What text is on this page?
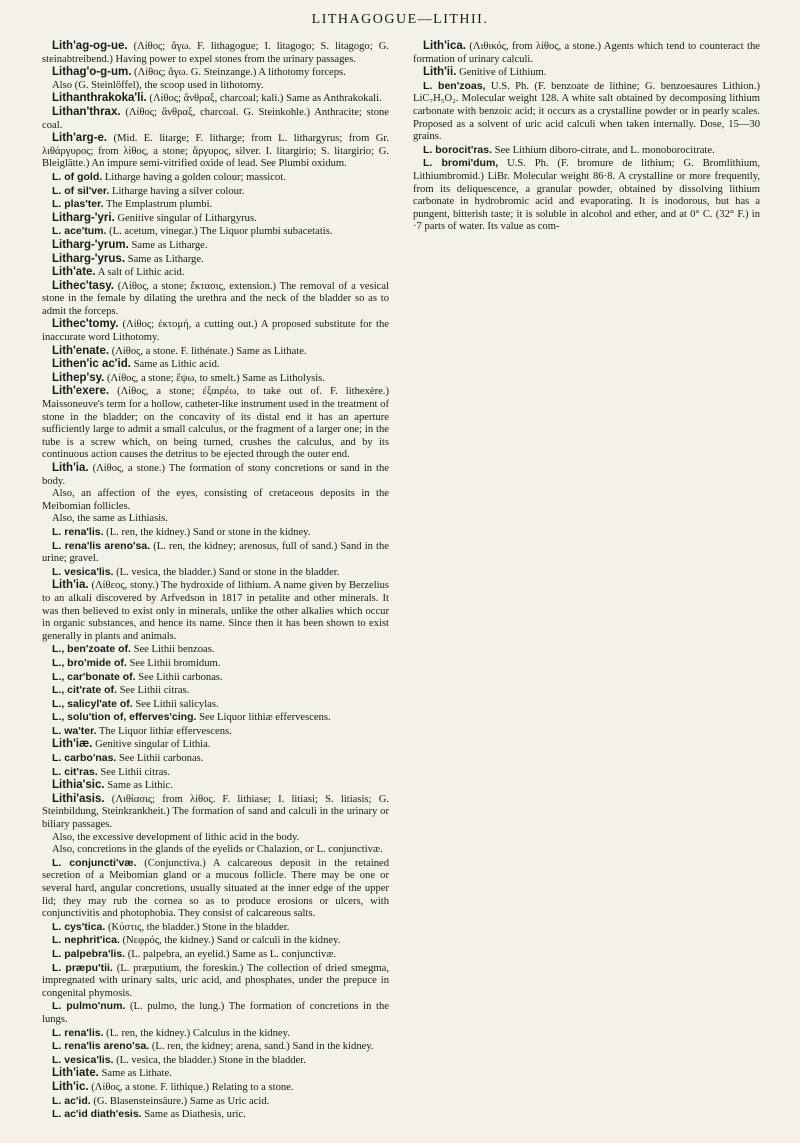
LITHAGOGUE—LITHII.

Lith'ag-og-ue. (Λίθος; ἄγω. F. lithagogue; I. litagogo; S. litagogo; G. steinabtreibend.) Having power to expel stones from the urinary passages.

Lithag'o-g-um. (Λίθος; ἄγω. G. Steinzange.) A lithotomy forceps.

Also (G. Steinlöffel), the scoop used in lithotomy.

Lithanthrakoka'li. (Λίθος; ἄνθραξ, charcoal; kali.) Same as Anthrakokali.

Lithan'thrax. (Λίθος; ἄνθραξ, charcoal. G. Steinkohle.) Anthracite; stone coal.

Lith'arg-e. (Mid. E. litarge; F. litharge; from L. lithargyrus; from Gr. λιθάργυρος; from λίθος, a stone; ἄργυρος, silver. I. litargirio; S. litargirio; G. Bleiglätte.) An impure semi-vitrified oxide of lead. See Plumbi oxidum.

L. of gold. Litharge having a golden colour; massicot.

L. of sil'ver. Litharge having a silver colour.

L. plas'ter. The Emplastrum plumbi.

Litharg-'yri. Genitive singular of Lithargyrus.

L. ace'tum. (L. acetum, vinegar.) The Liquor plumbi subacetatis.

Litharg-'yrum. Same as Litharge.

Litharg-'yrus. Same as Litharge.

Lith'ate. A salt of Lithic acid.

Lithec'tasy. (Λίθος, a stone; ἔκτασις, extension.) The removal of a vesical stone in the female by dilating the urethra and the neck of the bladder so as to admit the forceps.

Lithec'tomy. (Λίθος; ἐκτομή, a cutting out.) A proposed substitute for the inaccurate word Lithotomy.

Lith'enate. (Λίθος, a stone. F. lithénate.) Same as Lithate.

Lithen'ic ac'id. Same as Lithic acid.

Lithep'sy. (Λίθος, a stone; ἕψω, to smelt.) Same as Litholysis.

Lith'exere. (Λίθος, a stone; ἐξαιρέω, to take out of. F. lithexère.) Maissoneuve's term for a hollow, catheter-like instrument used in the treatment of stone in the bladder; on the concavity of its distal end it has an aperture sufficiently large to admit a small calculus, or the fragment of a larger one; in the tube is a screw which, on being turned, crushes the calculus, and by its continuous action causes the detritus to be ejected through the outer end.

Lith'ia. (Λίθος, a stone.) The formation of stony concretions or sand in the body.

Also, an affection of the eyes, consisting of cretaceous deposits in the Meibomian follicles.

Also, the same as Lithiasis.

L. rena'lis. (L. ren, the kidney.) Sand or stone in the kidney.

L. rena'lis areno'sa. (L. ren, the kidney; arenosus, full of sand.) Sand in the urine; gravel.

L. vesica'lis. (L. vesica, the bladder.) Sand or stone in the bladder.

Lith'ia. (Λίθεος, stony.) The hydroxide of lithium. A name given by Berzelius to an alkali discovered by Arfvedson in 1817 in petalite and other minerals. It was then believed to exist only in minerals, unlike the other alkalies which occur in organic substances, and hence its name. Since then it has been shown to exist generally in plants and animals.

L., ben'zoate of. See Lithii benzoas.

L., bro'mide of. See Lithii bromidum.

L., car'bonate of. See Lithii carbonas.

L., cit'rate of. See Lithii citras.

L., salicyl'ate of. See Lithii salicylas.

L., solu'tion of, efferves'cing. See Liquor lithiæ effervescens.

L. wa'ter. The Liquor lithiæ effervescens.

Lith'iæ. Genitive singular of Lithia.

L. carbo'nas. See Lithii carbonas.

L. cit'ras. See Lithii citras.

Lithia'sic. Same as Lithic.

Lithi'asis. (Λιθίασις; from λίθος. F. lithiase; I. litiasi; S. litiasis; G. Steinbildung, Steinkrankheit.) The formation of sand and calculi in the urinary or biliary passages.

Also, the excessive development of lithic acid in the body.

Also, concretions in the glands of the eyelids or Chalazion, or L. conjunctivæ.

L. conjuncti'væ. (Conjunctiva.) A calcareous deposit in the retained secretion of a Meibomian gland or a mucous follicle. There may be one or several hard, angular concretions, usually situated at the inner edge of the upper lid; they may rub the cornea so as to produce erosions or ulcers, with conjunctivitis and photophobia. They consist of calcareous salts.

L. cys'tica. (Κύστις, the bladder.) Stone in the bladder.

L. nephrit'ica. (Νεφρός, the kidney.) Sand or calculi in the kidney.

L. palpebra'lis. (L. palpebra, an eyelid.) Same as L. conjunctivæ.

L. præpu'tii. (L. præputium, the foreskin.) The collection of dried smegma, impregnated with urinary salts, uric acid, and phosphates, under the prepuce in congenital phymosis.

L. pulmo'num. (L. pulmo, the lung.) The formation of concretions in the lungs.

L. rena'lis. (L. ren, the kidney.) Calculus in the kidney.

L. rena'lis areno'sa. (L. ren, the kidney; arena, sand.) Sand in the kidney.

L. vesica'lis. (L. vesica, the bladder.) Stone in the bladder.

Lith'iate. Same as Lithate.

Lith'ic. (Λίθος, a stone. F. lithique.) Relating to a stone.

L. ac'id. (G. Blasensteinsäure.) Same as Uric acid.

L. ac'id diath'esis. Same as Diathesis, uric.

Lith'ica. (Λιθικός, from λίθος, a stone.) Agents which tend to counteract the formation of urinary calculi.

Lith'ii. Genitive of Lithium.

L. ben'zoas, U.S. Ph. (F. benzoate de lithine; G. benzoesaures Lithion.) LiC₇H₅O₂. Molecular weight 128. A white salt obtained by decomposing lithium carbonate with benzoic acid; it occurs as a crystalline powder or in pearly scales. Proposed as a solvent of uric acid calculi when taken internally. Dose, 15—30 grains.

L. borocit'ras. See Lithium diboro-citrate, and L. monoborocitrate.

L. bromi'dum, U.S. Ph. (F. bromure de lithium; G. Bromlithium, Lithiumbromid.) LiBr. Molecular weight 86·8. A crystalline or more frequently, from its deliquescence, a granular powder, obtained by dissolving lithium carbonate in hydrobromic acid and evaporating. It is inodorous, but has a pungent, bitterish taste; it is soluble in alcohol and ether, and at 0° C. (32° F.) in ·7 parts of water. Its value as com-
